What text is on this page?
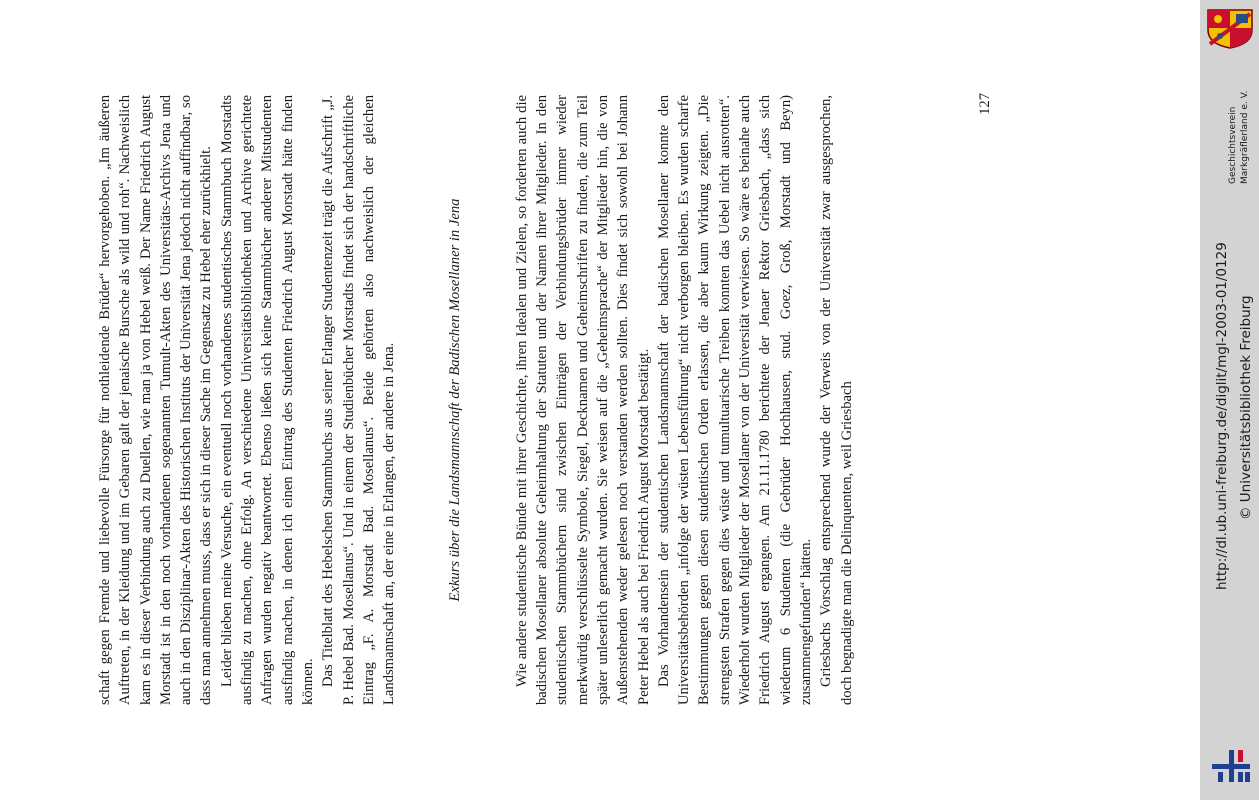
127

schaft gegen Fremde und liebevolle Fürsorge für nothleidende Brüder“ hervorgehoben. „Im äußeren Auftreten, in der Kleidung und im Gebaren galt der jenaische Bursche als wild und roh“. Nachweislich kam es in dieser Verbindung auch zu Duellen, wie man ja von Hebel weiß. Der Name Friedrich August Morstadt ist in den noch vorhandenen sogenannten Tumult-Akten des Universitäts-Archivs Jena und auch in den Disziplinar-Akten des Historischen Instituts der Universität Jena jedoch nicht auffindbar, so dass man annehmen muss, dass er sich in dieser Sache im Gegensatz zu Hebel eher zurückhielt. Leider blieben meine Versuche, ein eventuell noch vorhandenes studentisches Stammbuch Morstadts ausfindig zu machen, ohne Erfolg. An verschiedene Universitätsbibliotheken und Archive gerichtete Anfragen wurden negativ beantwortet. Ebenso ließen sich keine Stammbücher anderer Mitstudenten ausfindig machen, in denen ich einen Eintrag des Studenten Friedrich August Morstadt hätte finden können. Das Titelblatt des Hebelschen Stammbuchs aus seiner Erlanger Studentenzeit trägt die Aufschrift „J. P. Hebel Bad. Mosellanus“. Und in einem der Studienbücher Morstadts findet sich der handschriftliche Eintrag „F. A. Morstadt Bad. Mosellanus“. Beide gehörten also nachweislich der gleichen Landsmannschaft an, der eine in Erlangen, der andere in Jena.	Exkurs über die Landsmannschaft der Badischen Mosellaner in Jena	Wie andere studentische Bünde mit ihrer Geschichte, ihren Idealen und Zielen, so forderten auch die badischen Mosellaner absolute Geheimhaltung der Statuten und der Namen ihrer Mitglieder. In den studentischen Stammbüchern sind zwischen Einträgen der Verbindungsbrüder immer wieder merkwürdig verschlüsselte Symbole, Siegel, Decknamen und Geheimschriften zu finden, die zum Teil später unleserlich gemacht wurden. Sie weisen auf die „Geheimsprache“ der Mitglieder hin, die von Außenstehenden weder gelesen noch verstanden werden sollten. Dies findet sich sowohl bei Johann Peter Hebel als auch bei Friedrich August Morstadt bestätigt. Das Vorhandensein der studentischen Landsmannschaft der badischen Mosellaner konnte den Universitätsbehörden „infolge der wüsten Lebensführung“ nicht verborgen bleiben. Es wurden scharfe Bestimmungen gegen diesen studentischen Orden erlassen, die aber kaum Wirkung zeigten. „Die strengsten Strafen gegen dies wüste und tumultuarische Treiben konnten das Uebel nicht ausrotten“. Wiederholt wurden Mitglieder der Mosellaner von der Universität verwiesen. So wäre es beinahe auch Friedrich August ergangen. Am 21.11.1780 berichtete der Jenaer Rektor Griesbach, „dass sich wiederum 6 Studenten (die Gebrüder Hochhausen, stud. Goez, Groß, Morstadt und Beyn) zusammengefunden“ hätten. Griesbachs Vorschlag entsprechend wurde der Verweis von der Universität zwar ausgesprochen, doch begnadigte man die Delinquenten, weil Griesbach

Geschichtsverein Markgräflerland e. V.
http://dl.ub.uni-freiburg.de/diglit/mgl-2003-01/0129 © Universitätsbibliothek Freiburg
